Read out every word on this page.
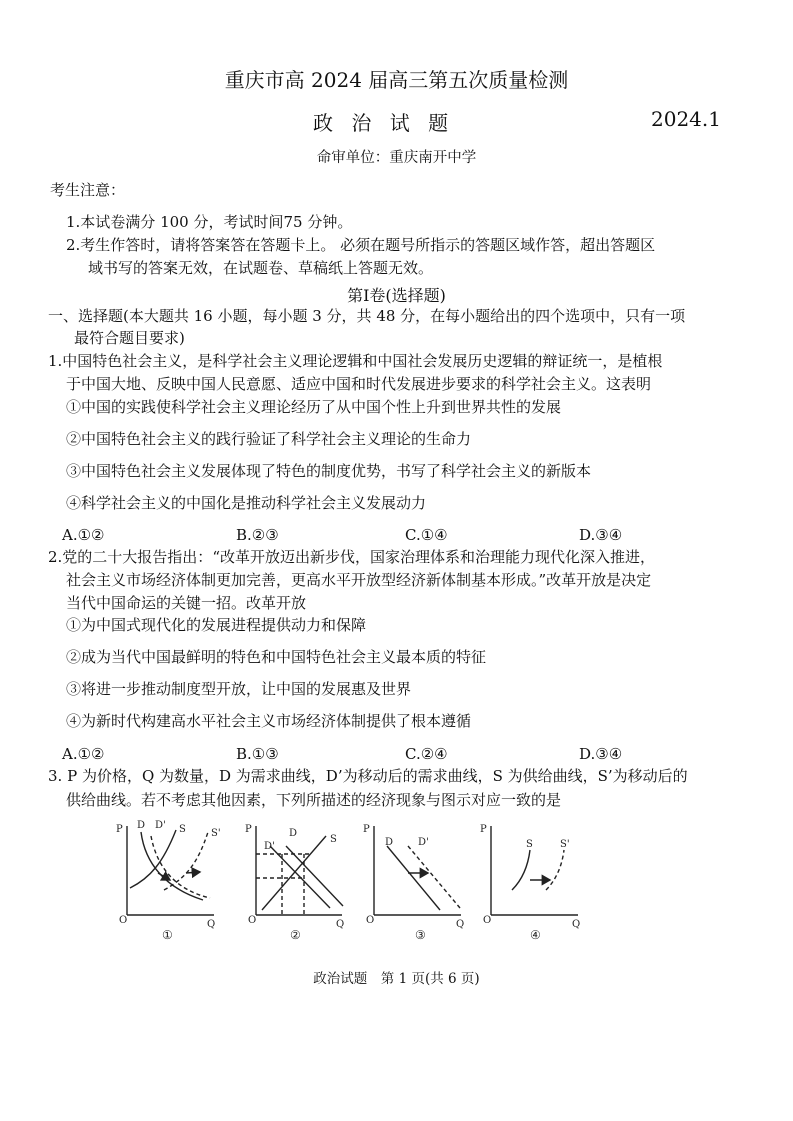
重庆市高 2024 届高三第五次质量检测
政 治 试 题	2024.1
命审单位：重庆南开中学
考生注意：
1.本试卷满分 100 分，考试时间75 分钟。
2.考生作答时，请将答案答在答题卡上。 必须在题号所指示的答题区域作答，超出答题区
域书写的答案无效，在试题卷、草稿纸上答题无效。
第Ⅰ卷(选择题)
一、选择题(本大题共 16 小题，每小题 3 分，共 48 分，在每小题给出的四个选项中，只有一项
最符合题目要求)
1.中国特色社会主义，是科学社会主义理论逻辑和中国社会发展历史逻辑的辩证统一，是植根
于中国大地、反映中国人民意愿、适应中国和时代发展进步要求的科学社会主义。这表明
①中国的实践使科学社会主义理论经历了从中国个性上升到世界共性的发展
②中国特色社会主义的践行验证了科学社会主义理论的生命力
③中国特色社会主义发展体现了特色的制度优势，书写了科学社会主义的新版本
④科学社会主义的中国化是推动科学社会主义发展动力
A.①②	B.②③	C.①④	D.③④
2.党的二十大报告指出：“改革开放迈出新步伐，国家治理体系和治理能力现代化深入推进，
社会主义市场经济体制更加完善，更高水平开放型经济新体制基本形成。”改革开放是决定
当代中国命运的关键一招。改革开放
①为中国式现代化的发展进程提供动力和保障
②成为当代中国最鲜明的特色和中国特色社会主义最本质的特征
③将进一步推动制度型开放，让中国的发展惠及世界
④为新时代构建高水平社会主义市场经济体制提供了根本遵循
A.①②	B.①③	C.②④	D.③④
3. P 为价格，Q 为数量，D 为需求曲线，D’为移动后的需求曲线，S 为供给曲线，S’为移动后的
供给曲线。若不考虑其他因素，下列所描述的经济现象与图示对应一致的是
P
O	Q
D D' S	S'
①
P
O	Q
D
D'
S
②
P
O	Q
D D'
③
P
O	Q
S	S'
④
政治试题　第 1 页(共 6 页)
